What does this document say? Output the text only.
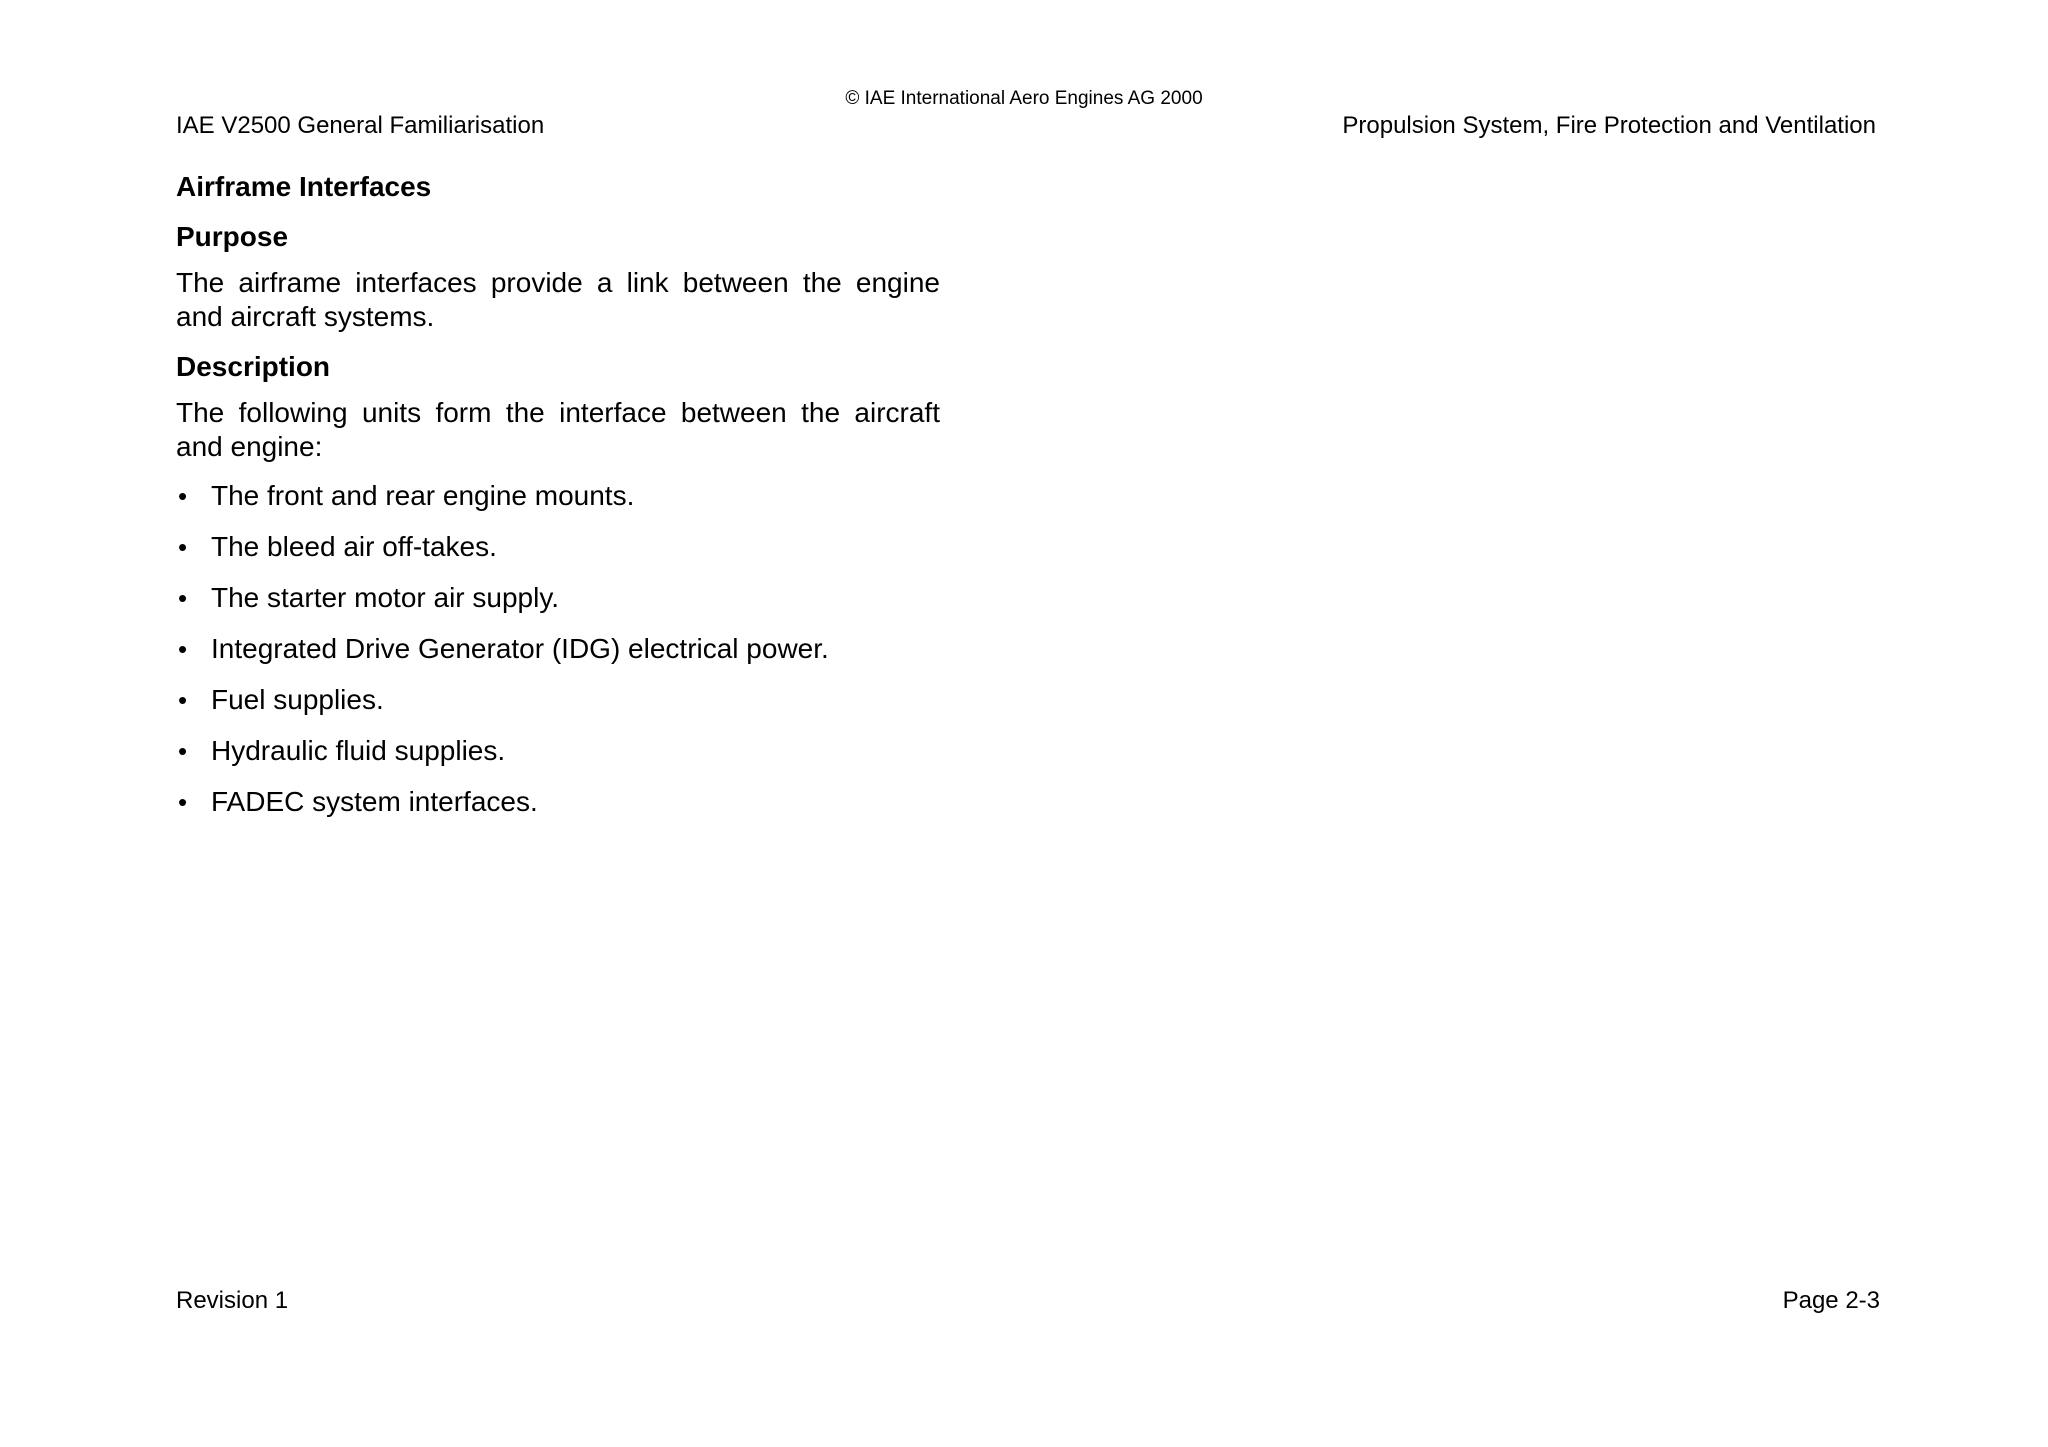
© IAE International Aero Engines AG 2000
IAE V2500 General Familiarisation	Propulsion System, Fire Protection and Ventilation
Airframe Interfaces
Purpose

The airframe interfaces provide a link between the engine and aircraft systems.

Description

The following units form the interface between the aircraft and engine:

• The front and rear engine mounts.
• The bleed air off-takes.
• The starter motor air supply.
• Integrated Drive Generator (IDG) electrical power.
• Fuel supplies.
• Hydraulic fluid supplies.
• FADEC system interfaces.
Revision 1	Page 2-3
